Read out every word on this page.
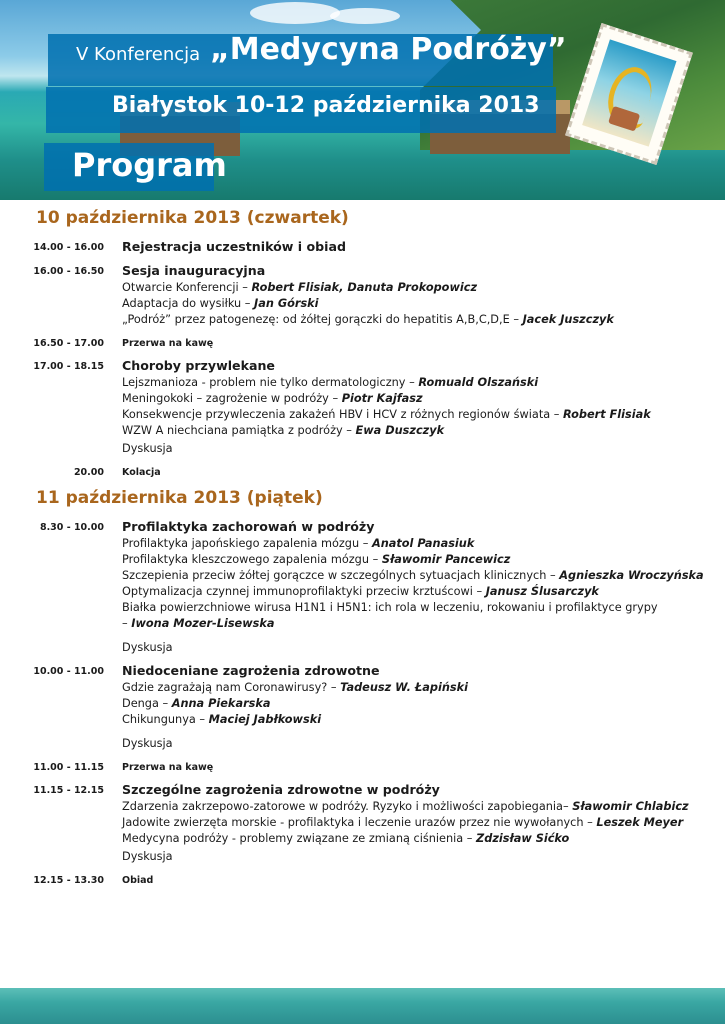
V Konferencja „Medycyna Podróży”
Białystok 10-12 października 2013
Program
10 października 2013 (czwartek)
14.00 - 16.00 Rejestracja uczestników i obiad
16.00 - 16.50 Sesja inauguracyjna
Otwarcie Konferencji – Robert Flisiak, Danuta Prokopowicz
Adaptacja do wysiłku – Jan Górski
„Podróż” przez patogenezę: od żółtej gorączki do hepatitis A,B,C,D,E – Jacek Juszczyk
16.50 - 17.00 Przerwa na kawę
17.00 - 18.15 Choroby przywlekane
Lejszmanioza - problem nie tylko dermatologiczny – Romuald Olszański
Meningokoki – zagrożenie w podróży – Piotr Kajfasz
Konsekwencje przywleczenia zakażeń HBV i HCV z różnych regionów świata – Robert Flisiak
WZW A niechciana pamiątka z podróży – Ewa Duszczyk
Dyskusja
20.00 Kolacja
11 października 2013 (piątek)
8.30 - 10.00 Profilaktyka zachorowań w podróży
Profilaktyka japońskiego zapalenia mózgu – Anatol Panasiuk
Profilaktyka kleszczowego zapalenia mózgu – Sławomir Pancewicz
Szczepienia przeciw żółtej gorączce w szczególnych sytuacjach klinicznych – Agnieszka Wroczyńska
Optymalizacja czynnej immunoprofilaktyki przeciw krztuścowi – Janusz Ślusarczyk
Białka powierzchniowe wirusa H1N1 i H5N1: ich rola w leczeniu, rokowaniu i profilaktyce grypy
– Iwona Mozer-Lisewska
Dyskusja
10.00 - 11.00 Niedoceniane zagrożenia zdrowotne
Gdzie zagrażają nam Coronawirusy? – Tadeusz W. Łapiński
Denga – Anna Piekarska
Chikungunya – Maciej Jabłkowski
Dyskusja
11.00 - 11.15 Przerwa na kawę
11.15 - 12.15 Szczególne zagrożenia zdrowotne w podróży
Zdarzenia zakrzepowo-zatorowe w podróży. Ryzyko i możliwości zapobiegania– Sławomir Chlabicz
Jadowite zwierzęta morskie - profilaktyka i leczenie urazów przez nie wywołanych – Leszek Meyer
Medycyna podróży - problemy związane ze zmianą ciśnienia – Zdzisław Sićko
Dyskusja
12.15 - 13.30 Obiad
